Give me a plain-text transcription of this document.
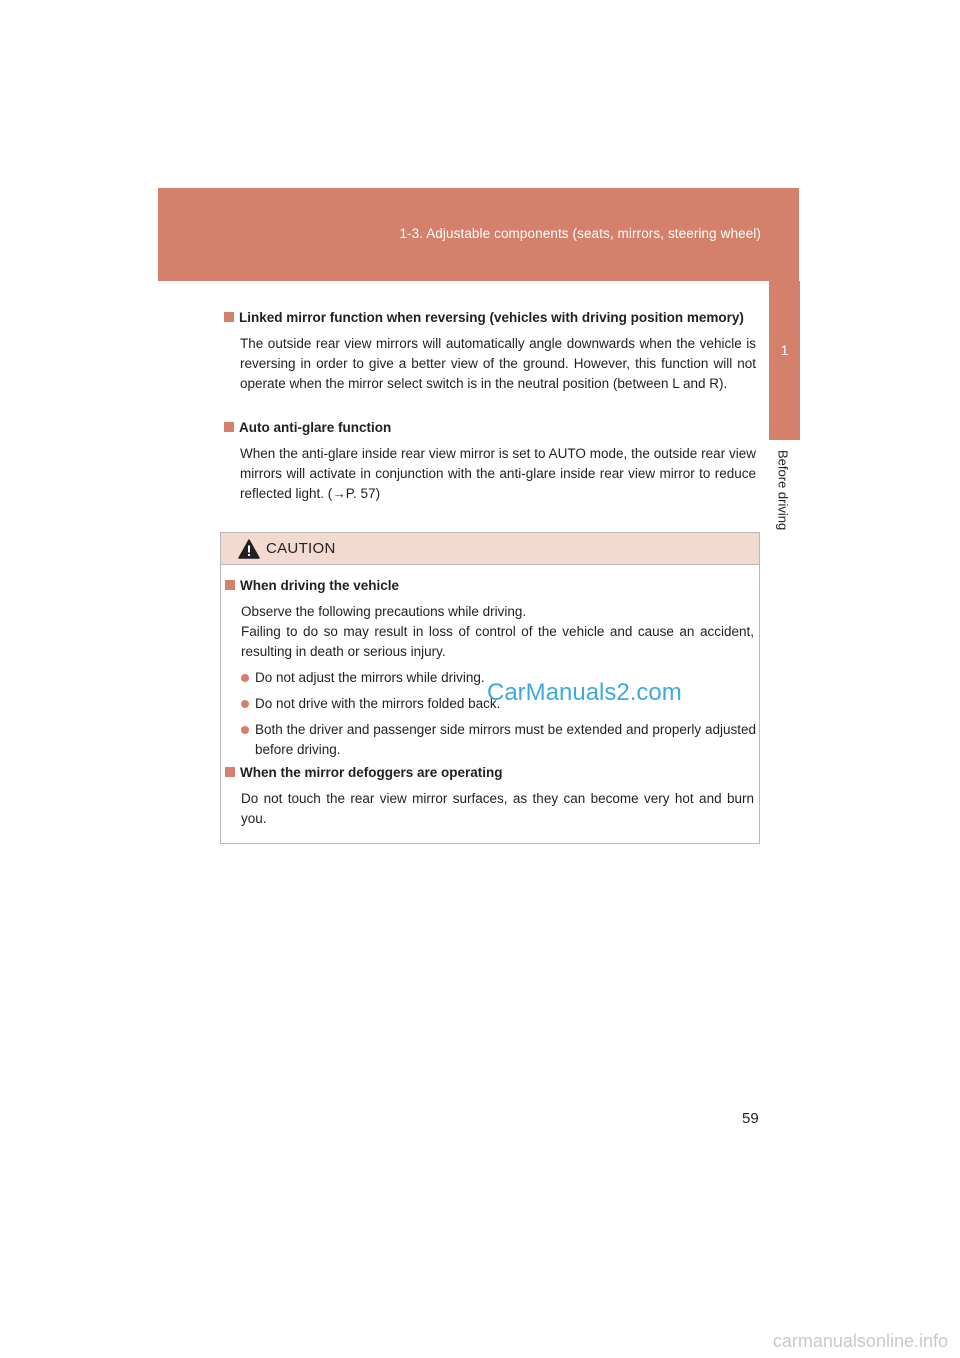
1-3. Adjustable components (seats, mirrors, steering wheel)
1
Before driving
Linked mirror function when reversing (vehicles with driving position memory)
The outside rear view mirrors will automatically angle downwards when the vehicle is reversing in order to give a better view of the ground. However, this function will not operate when the mirror select switch is in the neutral position (between L and R).
Auto anti-glare function
When the anti-glare inside rear view mirror is set to AUTO mode, the outside rear view mirrors will activate in conjunction with the anti-glare inside rear view mirror to reduce reflected light. (→P. 57)
CAUTION
When driving the vehicle
Observe the following precautions while driving.
Failing to do so may result in loss of control of the vehicle and cause an accident, resulting in death or serious injury.
Do not adjust the mirrors while driving.
Do not drive with the mirrors folded back.
Both the driver and passenger side mirrors must be extended and properly adjusted before driving.
When the mirror defoggers are operating
Do not touch the rear view mirror surfaces, as they can become very hot and burn you.
CarManuals2.com
59
carmanualsonline.info
